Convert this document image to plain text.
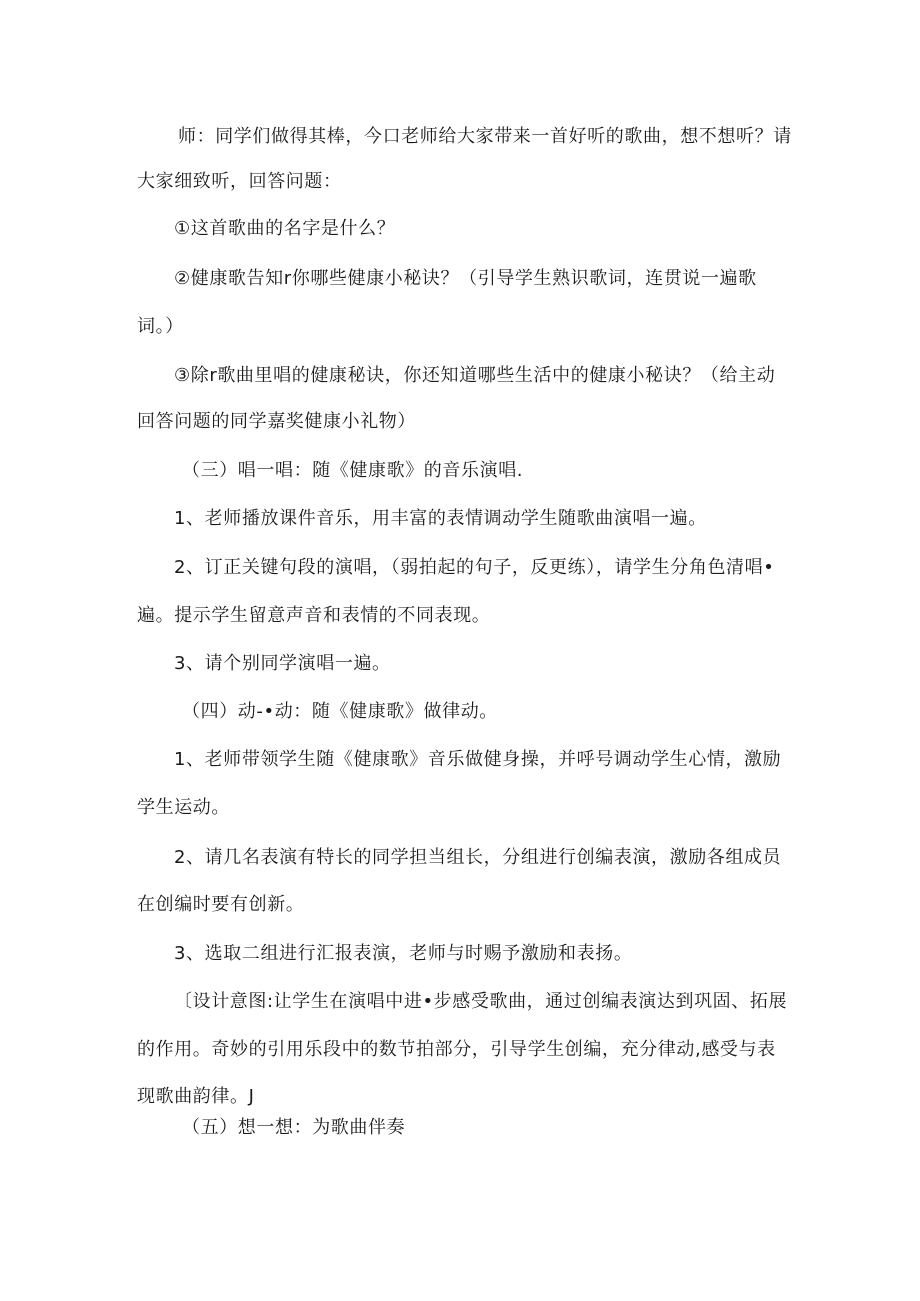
师：同学们做得其棒，今口老师给大家带来一首好听的歌曲，想不想听？请
大家细致听，回答问题：
①这首歌曲的名字是什么？
②健康歌告知r你哪些健康小秘诀？（引导学生熟识歌词，连贯说一遍歌
词。）
③除r歌曲里唱的健康秘诀，你还知道哪些生活中的健康小秘诀？（给主动
回答问题的同学嘉奖健康小礼物）
（三）唱一唱：随《健康歌》的音乐演唱.
1、老师播放课件音乐，用丰富的表情调动学生随歌曲演唱一遍。
2、订正关键句段的演唱，（弱拍起的句子，反更练），请学生分角色清唱•
遍。提示学生留意声音和表情的不同表现。
3、请个别同学演唱一遍。
（四）动-•动：随《健康歌》做律动。
1、老师带领学生随《健康歌》音乐做健身操，并呼号调动学生心情，激励
学生运动。
2、请几名表演有特长的同学担当组长，分组进行创编表演，激励各组成员
在创编时要有创新。
3、选取二组进行汇报表演，老师与时赐予激励和表扬。
〔设计意图:让学生在演唱中进•步感受歌曲，通过创编表演达到巩固、拓展
的作用。奇妙的引用乐段中的数节拍部分，引导学生创编，充分律动,感受与表
现歌曲韵律。J
（五）想一想：为歌曲伴奏
